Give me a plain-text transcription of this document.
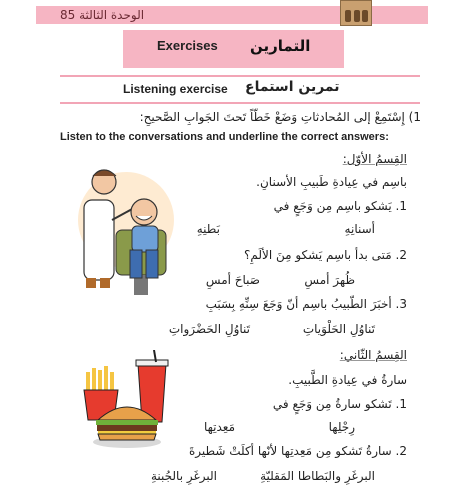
الوحدة الثالثة 85
Exercises التمارين
Listening exercise تمرين استماع
1) إِسْتَمِعْ إلى المُحادثاتِ وَضَعْ خَطّاً تَحتَ الجَوابِ الصَّحيحِ:
Listen to the conversations and underline the correct answers:
القِسمُ الأوّل:
باسِم في عِيادةِ طَبيبِ الأسنانِ.
1. يَشكو باسِم مِن وَجَعٍ في
بَطنِهِ	أسنانِهِ
2. مَتى بدأ باسِم يَشكو مِنَ الألَمِ؟
صَباحَ أمسِ	ظُهرَ أمسِ
3. أخبَرَ الطّبيبُ باسِم أنّ وَجَعَ سِنِّهِ بِسَبَبِ
تَناوُلِ الحَضْرَواتِ	تَناوُلِ الحَلْوَياتِ
القِسمُ الثّاني:
سارةُ في عِيادةِ الطَّبيبِ.
1. تَشكو سارةُ مِن وَجَعٍ في
مَعِدتِها	رِجْلِها
2. سارةُ تَشكو مِن مَعِدتِها لأنّها أكلَتْ شَطيرةَ
البرغَرِ بالجُبنةِ	البرغَرِ والبَطاطا المَقليّةِ
